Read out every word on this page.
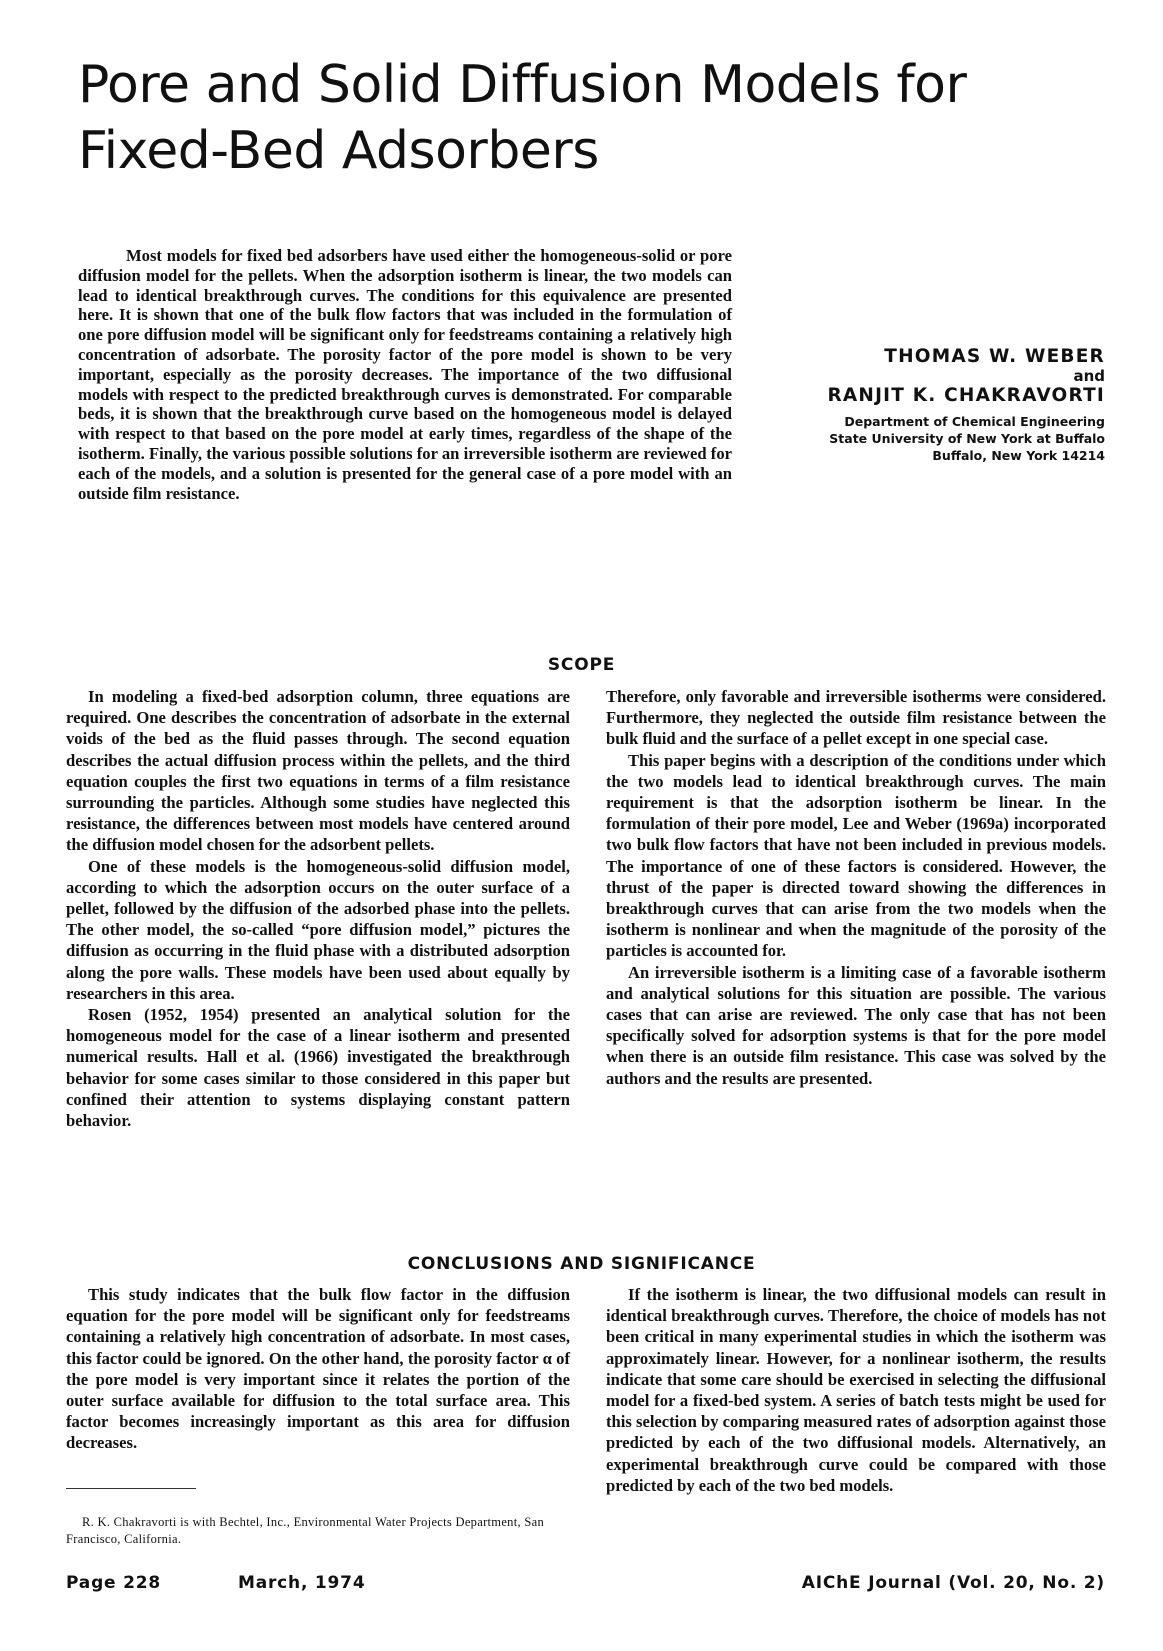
Pore and Solid Diffusion Models for
Fixed-Bed Adsorbers

Most models for fixed bed adsorbers have used either the homogeneous-solid or pore diffusion model for the pellets. When the adsorption isotherm is linear, the two models can lead to identical breakthrough curves. The conditions for this equivalence are presented here. It is shown that one of the bulk flow factors that was included in the formulation of one pore diffusion model will be significant only for feedstreams containing a relatively high concentration of adsorbate. The porosity factor of the pore model is shown to be very important, especially as the porosity decreases. The importance of the two diffusional models with respect to the predicted breakthrough curves is demonstrated. For comparable beds, it is shown that the breakthrough curve based on the homogeneous model is delayed with respect to that based on the pore model at early times, regardless of the shape of the isotherm. Finally, the various possible solutions for an irreversible isotherm are reviewed for each of the models, and a solution is presented for the general case of a pore model with an outside film resistance.

THOMAS W. WEBER
and
RANJIT K. CHAKRAVORTI
Department of Chemical Engineering
State University of New York at Buffalo
Buffalo, New York 14214
SCOPE

In modeling a fixed-bed adsorption column, three equations are required. One describes the concentration of adsorbate in the external voids of the bed as the fluid passes through. The second equation describes the actual diffusion process within the pellets, and the third equation couples the first two equations in terms of a film resistance surrounding the particles. Although some studies have neglected this resistance, the differences between most models have centered around the diffusion model chosen for the adsorbent pellets.

One of these models is the homogeneous-solid diffusion model, according to which the adsorption occurs on the outer surface of a pellet, followed by the diffusion of the adsorbed phase into the pellets. The other model, the so-called “pore diffusion model,” pictures the diffusion as occurring in the fluid phase with a distributed adsorption along the pore walls. These models have been used about equally by researchers in this area.

Rosen (1952, 1954) presented an analytical solution for the homogeneous model for the case of a linear isotherm and presented numerical results. Hall et al. (1966) investigated the breakthrough behavior for some cases similar to those considered in this paper but confined their attention to systems displaying constant pattern behavior.

Therefore, only favorable and irreversible isotherms were considered. Furthermore, they neglected the outside film resistance between the bulk fluid and the surface of a pellet except in one special case.

This paper begins with a description of the conditions under which the two models lead to identical breakthrough curves. The main requirement is that the adsorption isotherm be linear. In the formulation of their pore model, Lee and Weber (1969a) incorporated two bulk flow factors that have not been included in previous models. The importance of one of these factors is considered. However, the thrust of the paper is directed toward showing the differences in breakthrough curves that can arise from the two models when the isotherm is nonlinear and when the magnitude of the porosity of the particles is accounted for.

An irreversible isotherm is a limiting case of a favorable isotherm and analytical solutions for this situation are possible. The various cases that can arise are reviewed. The only case that has not been specifically solved for adsorption systems is that for the pore model when there is an outside film resistance. This case was solved by the authors and the results are presented.

CONCLUSIONS AND SIGNIFICANCE

This study indicates that the bulk flow factor in the diffusion equation for the pore model will be significant only for feedstreams containing a relatively high concentration of adsorbate. In most cases, this factor could be ignored. On the other hand, the porosity factor α of the pore model is very important since it relates the portion of the outer surface available for diffusion to the total surface area. This factor becomes increasingly important as this area for diffusion decreases.

If the isotherm is linear, the two diffusional models can result in identical breakthrough curves. Therefore, the choice of models has not been critical in many experimental studies in which the isotherm was approximately linear. However, for a nonlinear isotherm, the results indicate that some care should be exercised in selecting the diffusional model for a fixed-bed system. A series of batch tests might be used for this selection by comparing measured rates of adsorption against those predicted by each of the two diffusional models. Alternatively, an experimental breakthrough curve could be compared with those predicted by each of the two bed models.

R. K. Chakravorti is with Bechtel, Inc., Environmental Water Projects Department, San Francisco, California.
Page 228	March, 1974	AIChE Journal (Vol. 20, No. 2)
